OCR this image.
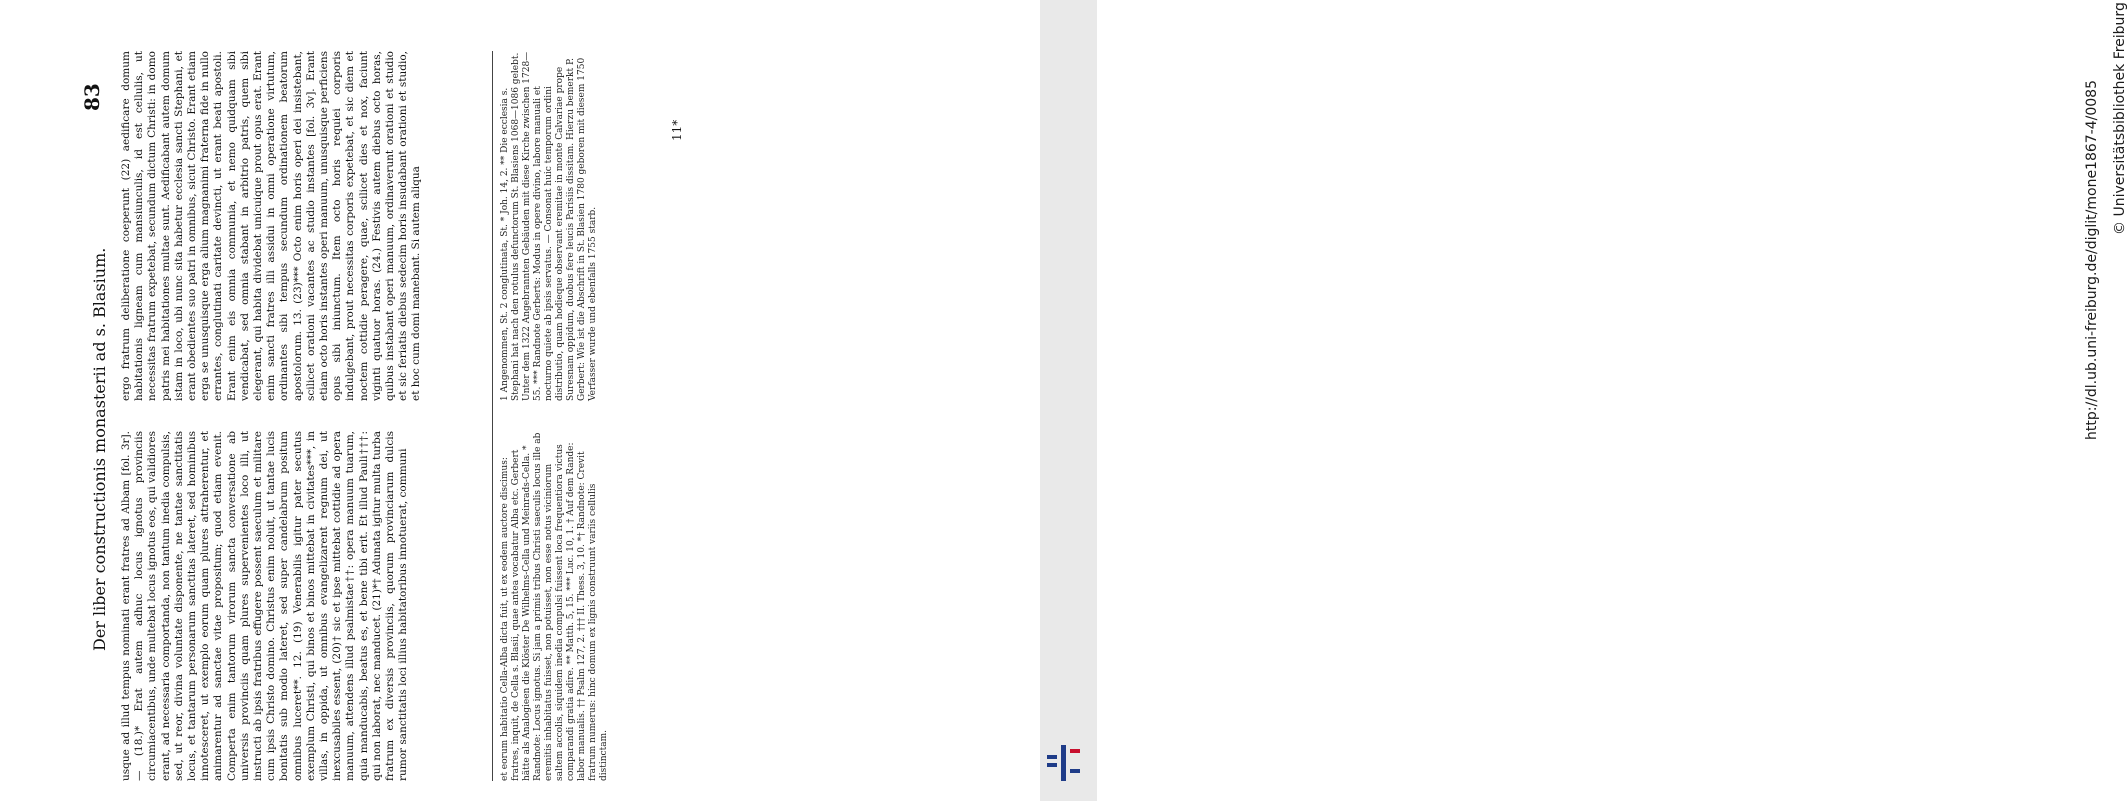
Der liber constructionis monasterii ad s. Blasium.
83
usque ad illud tempus nominati erant fratres ad Albam [fol. 3r]. — (18.)* Erat autem adhuc locus ignotus provinciis circumiacentibus, unde multebat locus ignotus eos, qui validiores erant, ad necessaria comportanda, non tantum inedia compulsis, sed, ut reor, divina voluntate disponente, ne tantae sanctitatis locus, et tantarum personarum sanctitas lateret, sed hominibus innotesceret, ut exemplo eorum quam plures attraherentur, et animarentur ad sanctae vitae propositum; quod etiam evenit. Comperta enim tantorum virorum sancta conversatione ab universis provinciis quam plures supervenientes loco illi, ut instructi ab ipsis fratribus effugere possent saeculum et militare cum ipsis Christo domino. Christus enim noluit, ut tantae lucis bonitatis sub modio lateret, sed super candelabrum positum omnibus luceret**. 12. (19) Venerabilis igitur pater secutus exemplum Christi, qui binos et binos mittebat in civitates***, in villas, in oppida, ut omnibus evangelizarent regnum dei, ut inexcusabiles essent, (20)† sic et ipse mittebat cottidie ad opera manuum, attendens illud psalmistae††: opera manuum tuarum, quia manducabis, beatus es, et bene tibi erit. Et illud Pauli†††: qui non laborat, nec manducet. (21)*† Adunata igitur multa turba fratrum ex diversis provinciis, quorum provinciarum dulcis rumor sanctitatis loci illius habitatoribus innotuerat, communi
ergo fratrum deliberatione coeperunt (22) aedificare domum habitationis ligneam cum mansiunculis, id est cellulis, ut necessitas fratrum expetebat, secundum dictum Christi: in domo patris mei habitationes multae sunt. Aedificabant autem domum istam in loco, ubi nunc sita habetur ecclesia sancti Stephani, et erant obedientes suo patri in omnibus, sicut Christo. Erant etiam erga se unusquisque erga alium magnanimi fraterna fide in nullo errantes, conglutinati caritate devincti, ut erant beati apostoli. Erant enim eis omnia communia, et nemo quidquam sibi vendicabat, sed omnia stabant in arbitrio patris, quem sibi elegerant, qui habita dividebat unicuique prout opus erat. Erant enim sancti fratres illi assidui in omni operatione virtutum, ordinantes sibi tempus secundum ordinationem beatorum apostolorum. 13. (23)*** Octo enim horis operi dei insistebant, scilicet orationi vacantes ac studio instantes [fol. 3v]. Erant etiam octo horis instantes operi manuum, unusquisque perficiens opus sibi iniunctum. Item octo horis requiei corporis indulgebant, prout necessitas corporis expetebat, et sic diem et noctem cottidie peragere, quae, scilicet dies et nox, faciunt viginti quatuor horas. (24.) Festivis autem diebus octo horas, quibus instabant operi manuum, ordinaverunt orationi et studio et sic feriatis diebus sedecim horis insudabant orationi et studio, et hoc cum domi manebant. Si autem aliqua
et eorum habitatio Cella-Alba dicta fuit, ut ex eodem auctore discimus: fratres, inquit, de Cella s. Blasii, quae antea vocabatur Alba etc. Gerbert hätte als Analogieen die Klöster De Wilhelms-Cella und Meinrads-Cella. * Randnote: Locus ignotus. Si jam a primis tribus Christi saeculis locus ille ab eremitis inhabitatus fuisset, non potuisset, non esse notus viciniorum saltem accolis, siquidem inedia compulsi fuissent loca frequentiora victus comparandi gratia adire. ** Matth. 5, 15. *** Luc. 10, 1. † Auf dem Rande: labor manualis. †† Psalm 127, 2. ††† II. Thess. 3, 10. *† Randnote: Crevit fratrum numerus: hinc domum ex lignis construunt variis cellulis distinctam.
1 Angenommen, St. 2 conglutinata, St. * Joh. 14, 2. ** Die ecclesia s. Stephani hat nach den rotulus defunctorum St. Blasiens 1068—1086 gelebt. Unter dem 1322 Angebrannten Gebäuden mit diese Kirche zwischen 1728—55. *** Randnote Gerberts: Modus in opere divino, labore manuali et nocturno quiete ab ipsis servatus. — Consonat huic temporum ordini distributio, quam hodieque observant eremitae in monte Calvariae prope Suresnam oppidum, duobus fere leucis Parisiis dissitam. Hierzu bemerkt P. Gerbert: Wie ist die Abschrift in St. Blasien 1780 geboren mit diesem 1750 Verfasser wurde und ebenfalls 1755 starb.
11*	http://dl.ub.uni-freiburg.de/diglit/mone1867-4/0085 © Universitätsbibliothek Freiburg
